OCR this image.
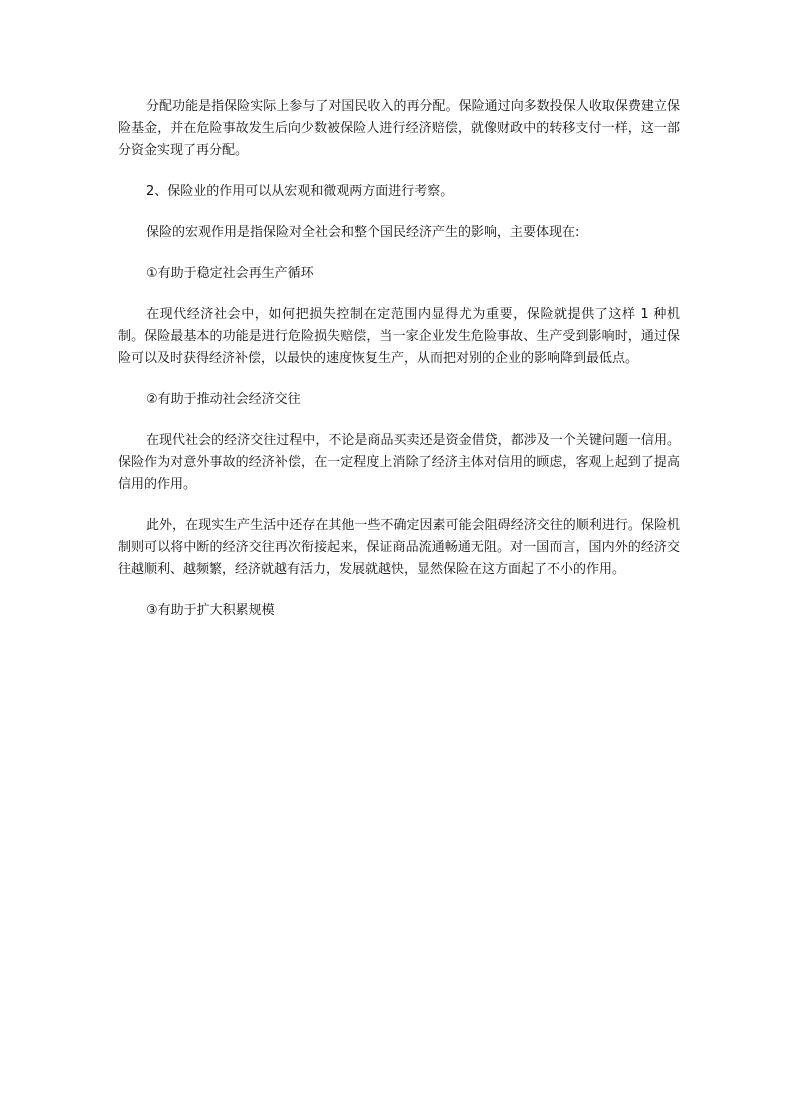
分配功能是指保险实际上参与了对国民收入的再分配。保险通过向多数投保人收取保费建立保险基金，并在危险事故发生后向少数被保险人进行经济赔偿，就像财政中的转移支付一样，这一部分资金实现了再分配。

2、保险业的作用可以从宏观和微观两方面进行考察。

保险的宏观作用是指保险对全社会和整个国民经济产生的影响，主要体现在:

①有助于稳定社会再生产循环

在现代经济社会中，如何把损失控制在定范围内显得尤为重要，保险就提供了这样 1 种机制。保险最基本的功能是进行危险损失赔偿，当一家企业发生危险事故、生产受到影响时，通过保险可以及时获得经济补偿，以最快的速度恢复生产，从而把对别的企业的影响降到最低点。

②有助于推动社会经济交往

在现代社会的经济交往过程中，不论是商品买卖还是资金借贷，都涉及一个关键问题一信用。保险作为对意外事故的经济补偿，在一定程度上消除了经济主体对信用的顾虑，客观上起到了提高信用的作用。

此外，在现实生产生活中还存在其他一些不确定因素可能会阻碍经济交往的顺利进行。保险机制则可以将中断的经济交往再次衔接起来，保证商品流通畅通无阻。对一国而言，国内外的经济交往越顺利、越频繁，经济就越有活力，发展就越快，显然保险在这方面起了不小的作用。

③有助于扩大积累规模
